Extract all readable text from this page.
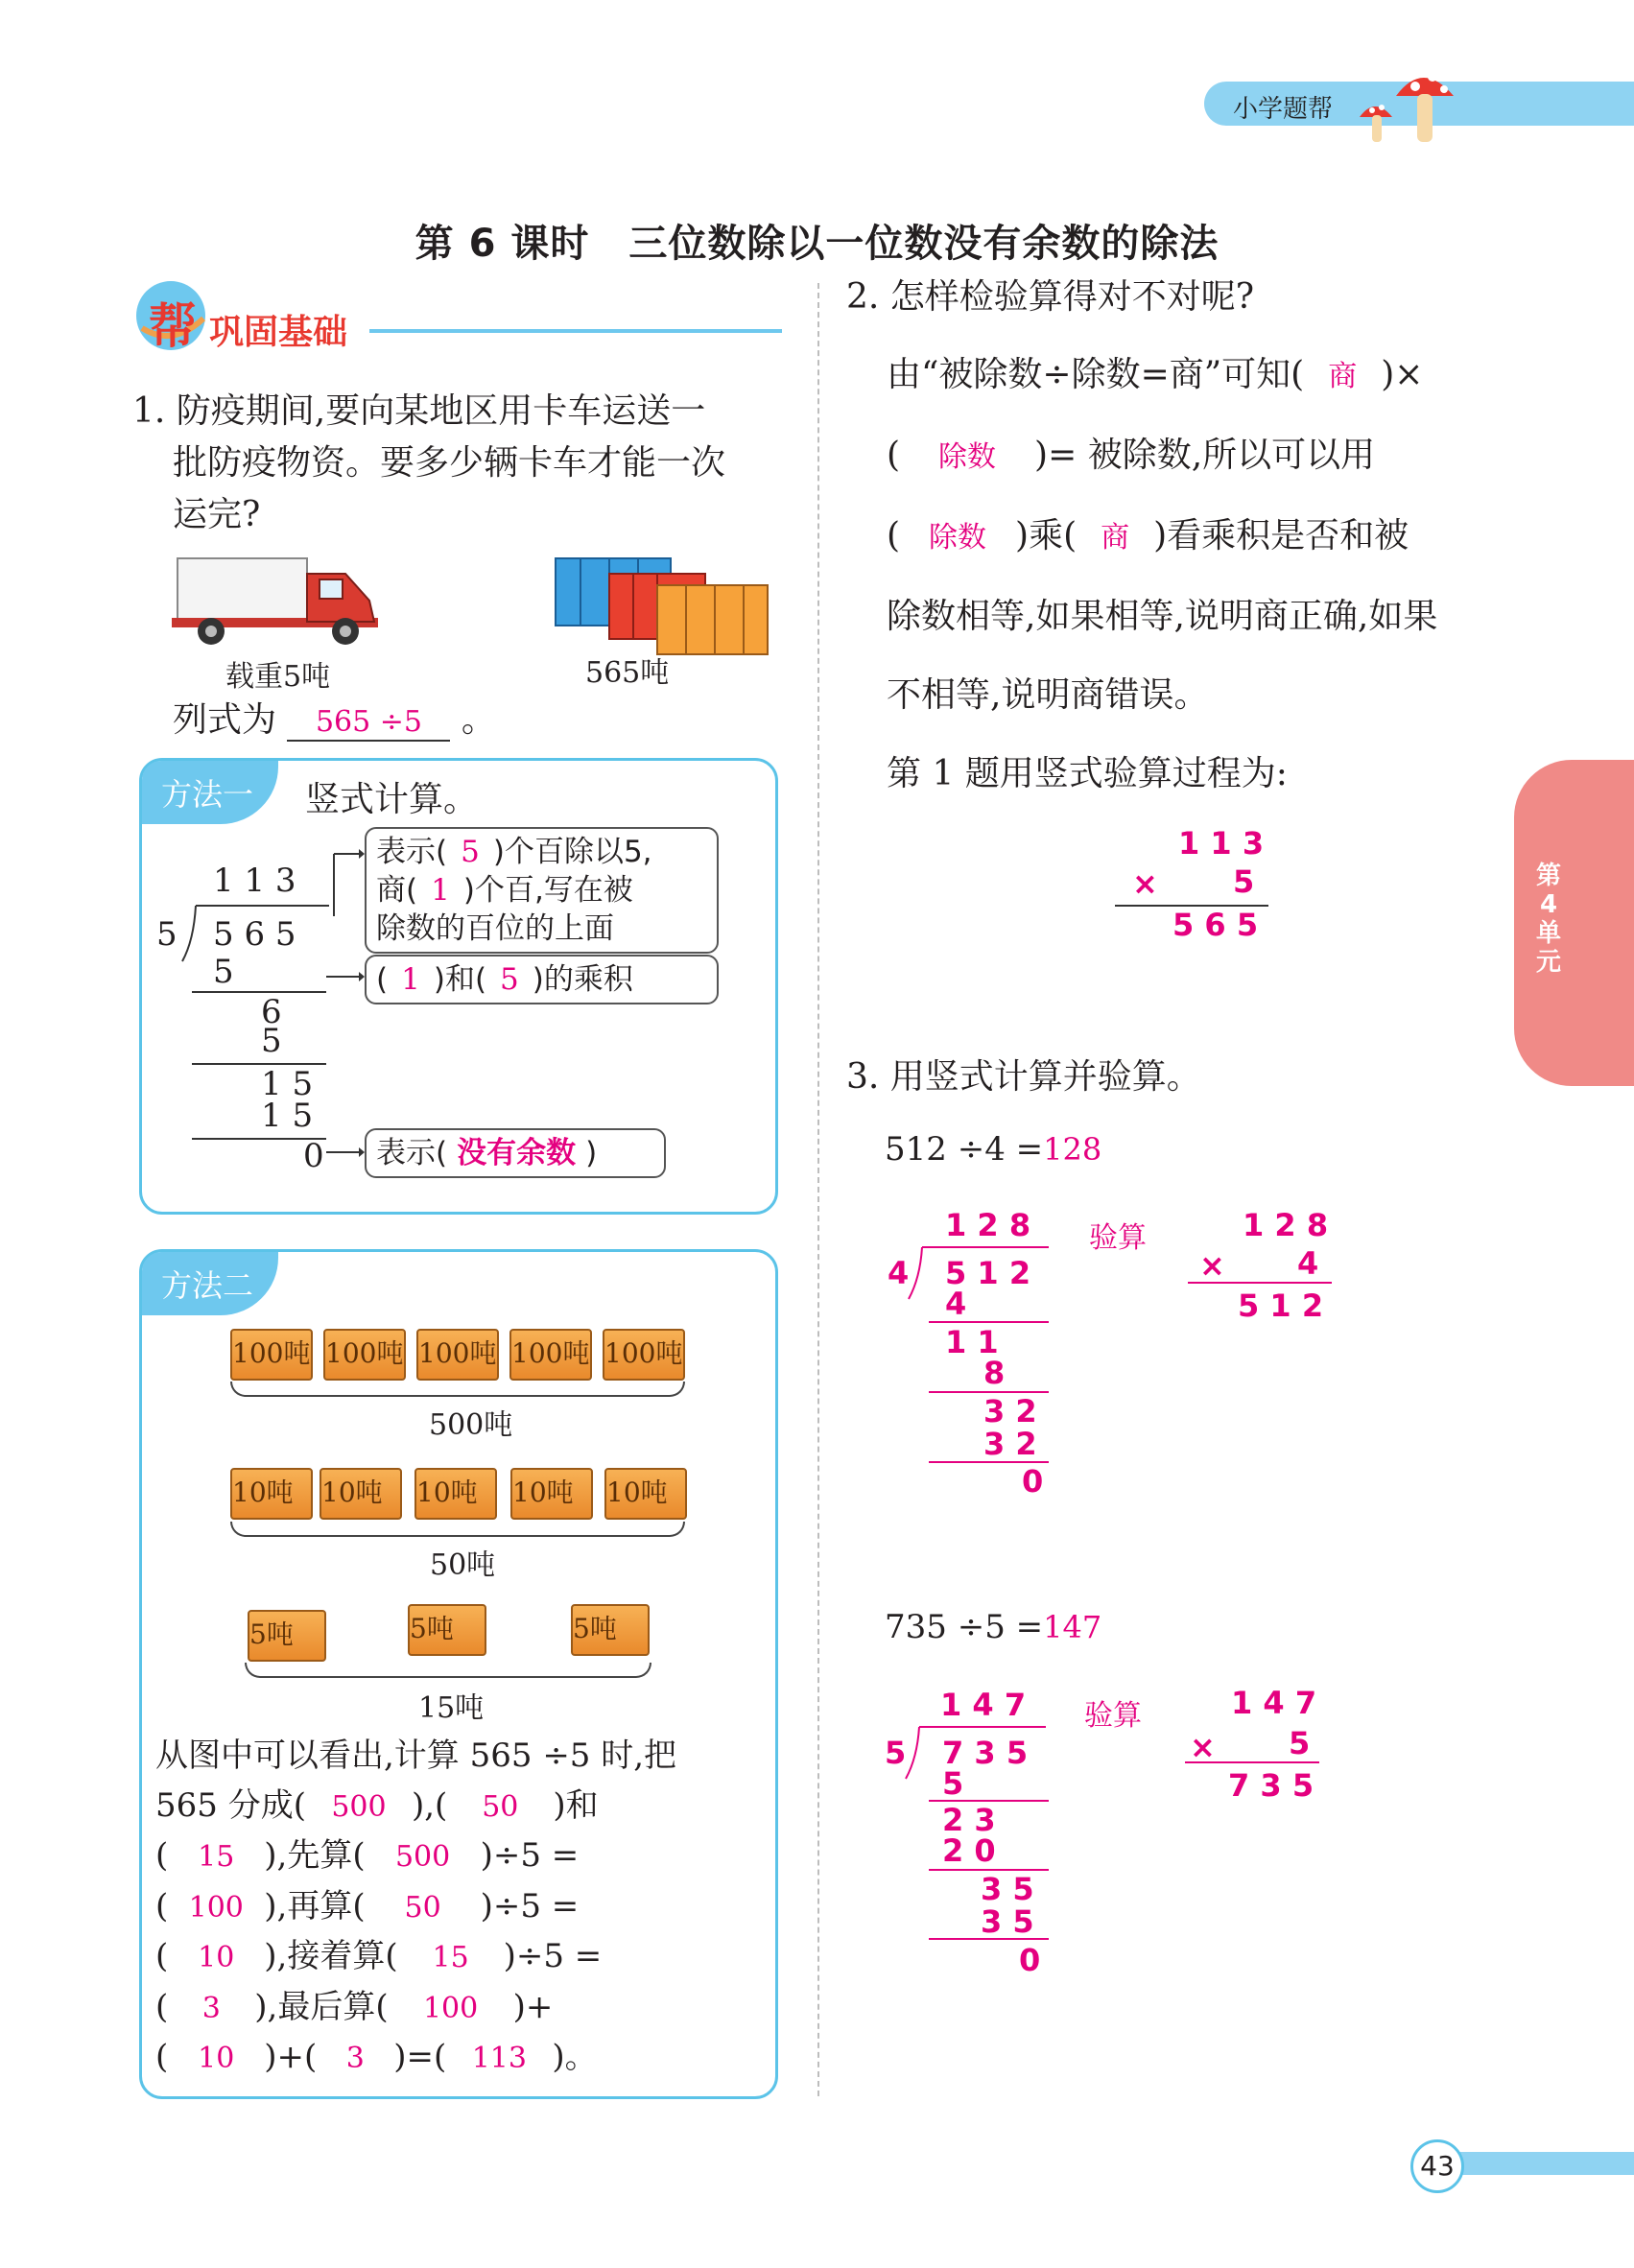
小学题帮
第 6 课时　三位数除以一位数没有余数的除法
帮 巩固基础
1. 防疫期间,要向某地区用卡车运送一
批防疫物资。要多少辆卡车才能一次
运完?
载重5吨	565吨
列式为 565 ÷5 。
方法一	竖式计算。
1 1 3
5 5 6 5
5
6
5
1 5
1 5
0
表示( 5 )个百除以5,
商( 1 )个百,写在被
除数的百位的上面
( 1 )和( 5 )的乘积
表示( 没有余数 )
方法二
100吨 100吨 100吨 100吨 100吨
500吨
10吨	10吨	10吨	10吨	10吨
50吨
5吨	5吨	5吨
15吨
从图中可以看出,计算 565 ÷5 时,把
565 分成( 500 ),( 50 )和
( 15 ),先算( 500 )÷5 =
( 100 ),再算( 50 )÷5 =
( 10 ),接着算( 15 )÷5 =
( 3 ),最后算( 100 )+
( 10 )+( 3 )=( 113 )。
2. 怎样检验算得对不对呢?
由“被除数÷除数=商”可知( 商 )×
( 除数 )= 被除数,所以可以用
( 除数 )乘( 商 )看乘积是否和被
除数相等,如果相等,说明商正确,如果
不相等,说明商错误。
第 1 题用竖式验算过程为:
1 1 3
× 5
5 6 5
3. 用竖式计算并验算。
512 ÷4 =128
1 2 8
4 5 1 2
4
1 1
8
3 2
3 2
0
验算	1 2 8
× 4
5 1 2
735 ÷5 =147
1 4 7
5 7 3 5
5
2 3
2 0
3 5
3 5
0
验算	1 4 7
× 5
7 3 5
第
4
单
元
43
